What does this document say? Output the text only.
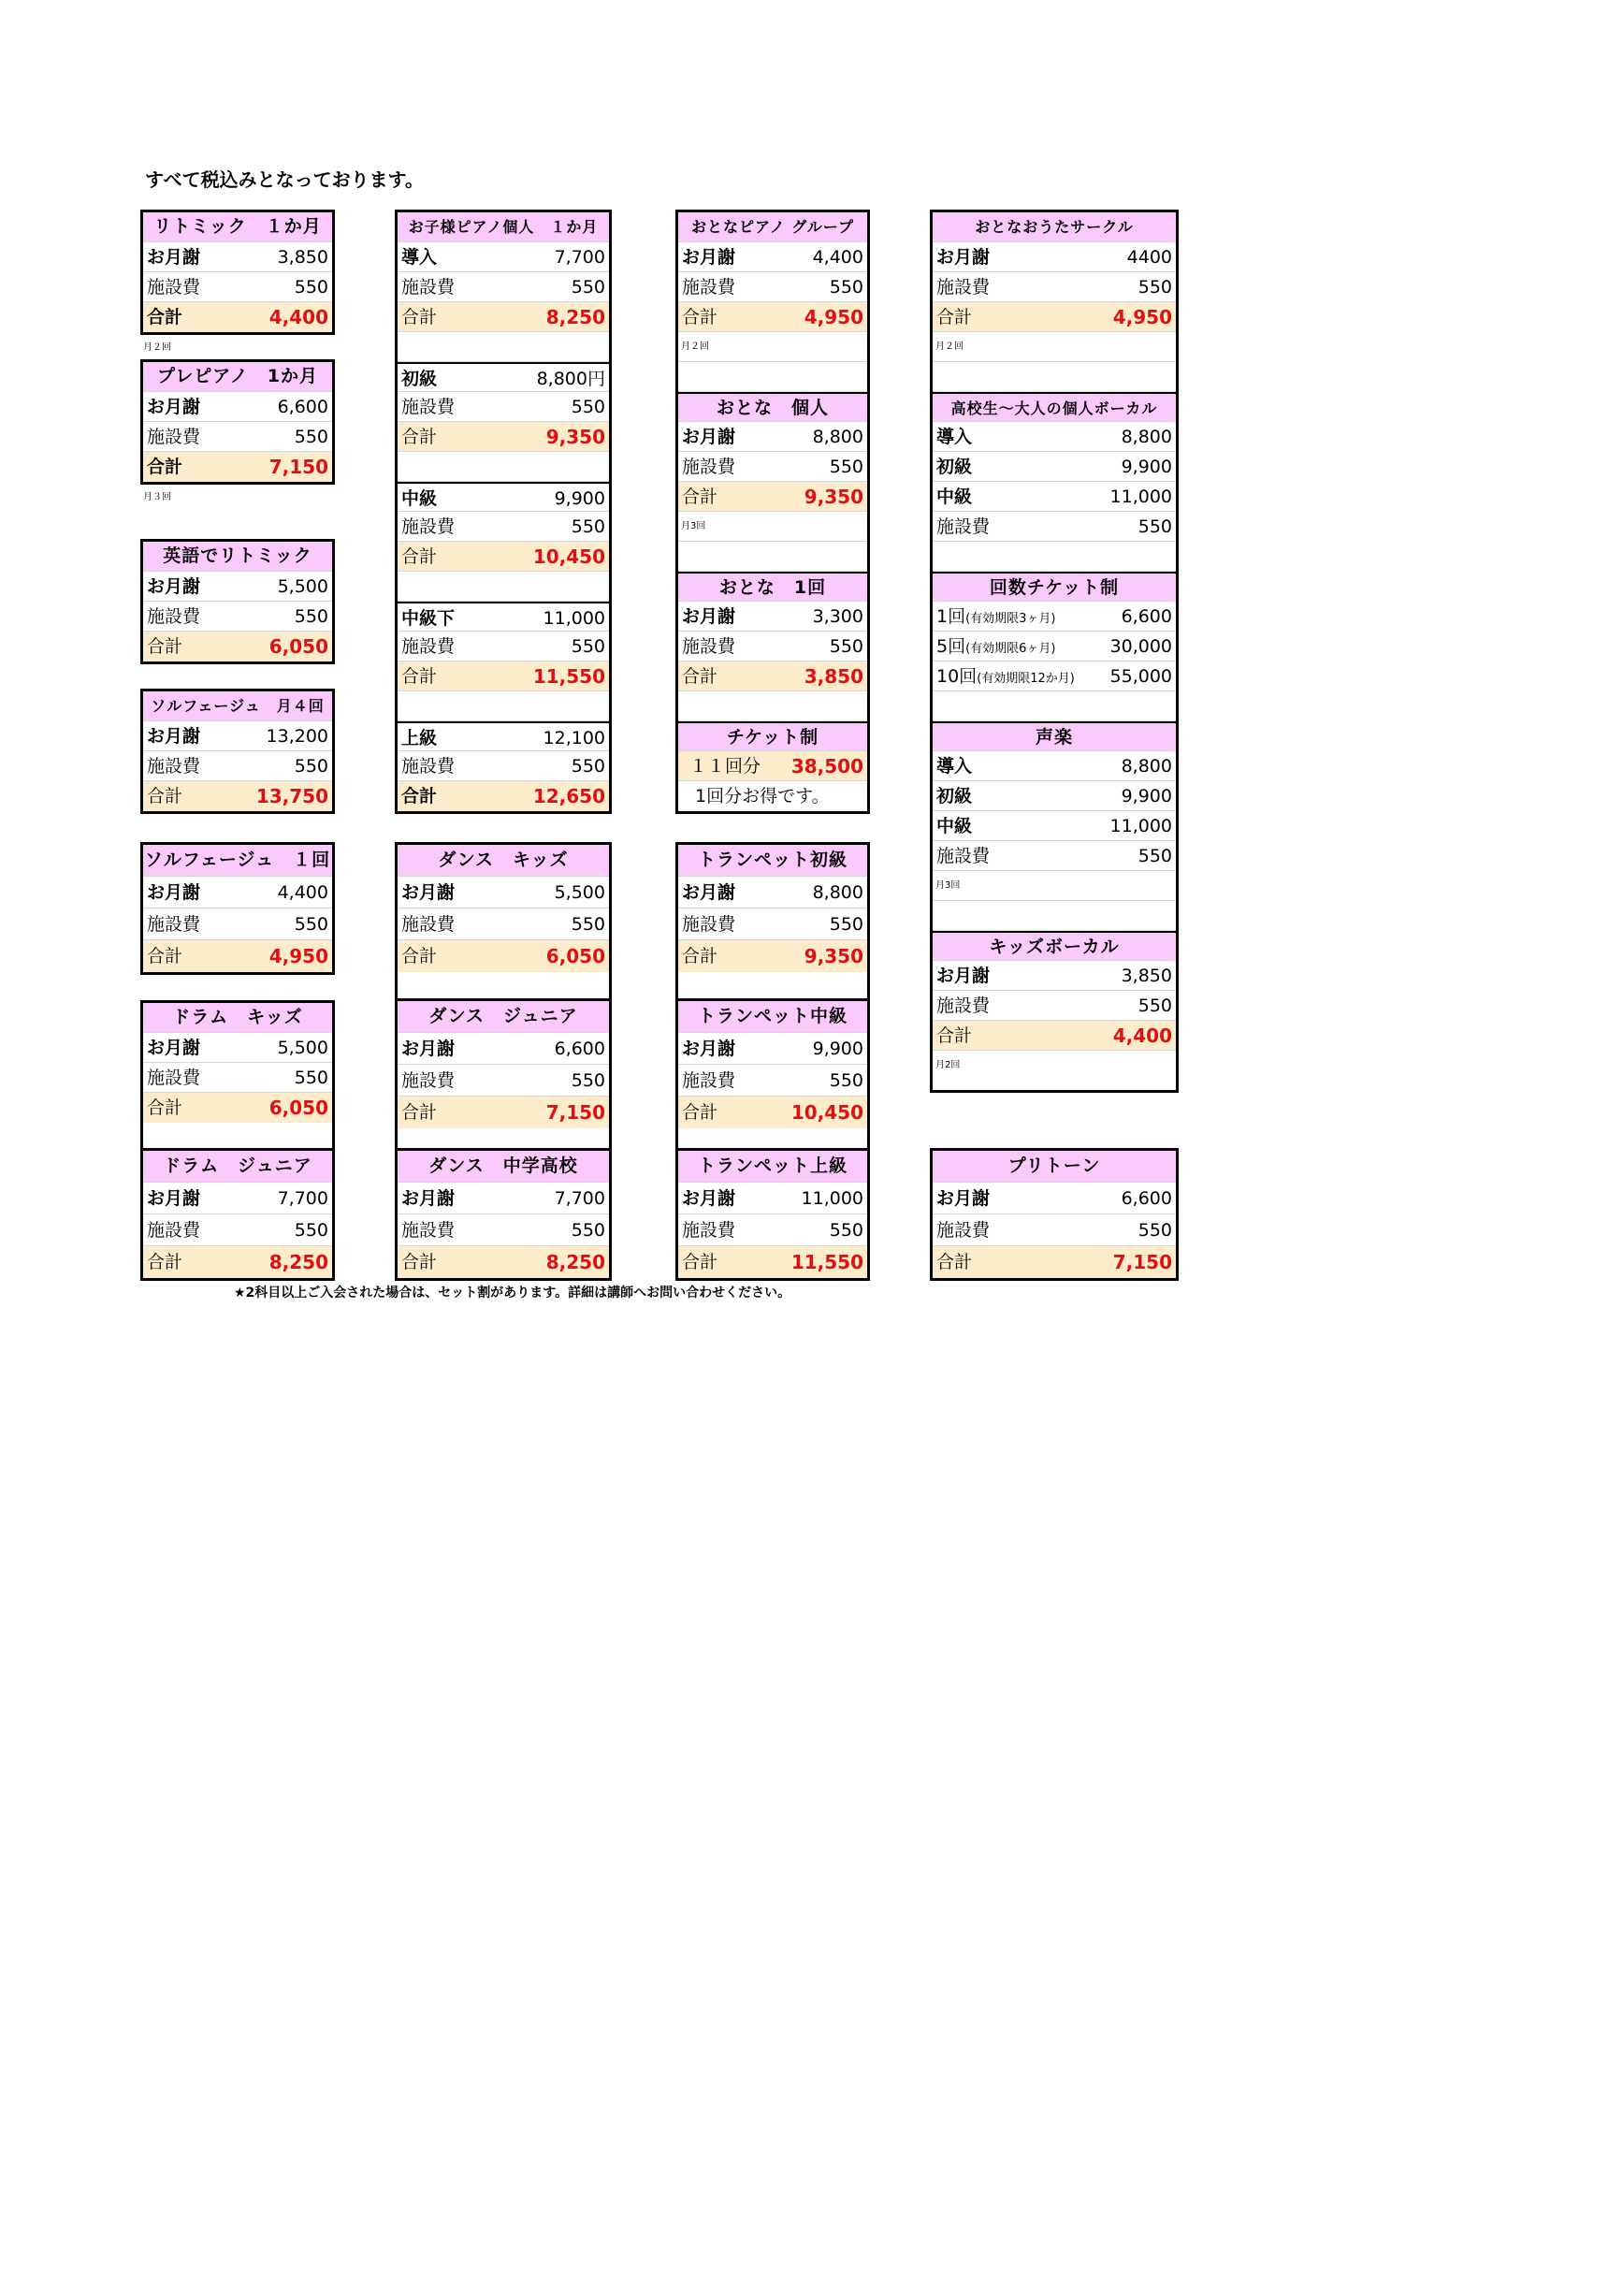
すべて税込みとなっております。
リトミック　１か月
お月謝	3,850
施設費	550
合計	4,400
月２回
プレピアノ　1か月
お月謝	6,600
施設費	550
合計	7,150
月３回
英語でリトミック
お月謝	5,500
施設費	550
合計	6,050
ソルフェージュ　月４回
お月謝	13,200
施設費	550
合計	13,750
ソルフェージュ　１回
お月謝	4,400
施設費	550
合計	4,950
ドラム　キッズ
お月謝	5,500
施設費	550
合計	6,050
ドラム　ジュニア
お月謝	7,700
施設費	550
合計	8,250
お子様ピアノ個人　１か月
導入	7,700
施設費	550
合計	8,250
初級	8,800円
施設費	550
合計	9,350
中級	9,900
施設費	550
合計	10,450
中級下	11,000
施設費	550
合計	11,550
上級	12,100
施設費	550
合計	12,650
ダンス　キッズ
お月謝	5,500
施設費	550
合計	6,050
ダンス　ジュニア
お月謝	6,600
施設費	550
合計	7,150
ダンス　中学高校
お月謝	7,700
施設費	550
合計	8,250
おとなピアノ グループ
お月謝	4,400
施設費	550
合計	4,950
月２回
おとな　個人
お月謝	8,800
施設費	550
合計	9,350
月3回
おとな　1回
お月謝	3,300
施設費	550
合計	3,850
チケット制
１１回分 38,500
1回分お得です。
トランペット初級
お月謝	8,800
施設費	550
合計	9,350
トランペット中級
お月謝	9,900
施設費	550
合計	10,450
トランペット上級
お月謝	11,000
施設費	550
合計	11,550
おとなおうたサークル
お月謝	4400
施設費	550
合計	4,950
月２回
高校生～大人の個人ボーカル
導入	8,800
初級	9,900
中級	11,000
施設費	550
回数チケット制
1回(有効期限3ヶ月)	6,600
5回(有効期限6ヶ月)	30,000
10回(有効期限12か月) 55,000
声楽
導入	8,800
初級	9,900
中級	11,000
施設費	550
月3回
キッズボーカル
お月謝	3,850
施設費	550
合計	4,400
月2回
プリトーン
お月謝	6,600
施設費	550
合計	7,150
★2科目以上ご入会された場合は、セット割があります。詳細は講師へお問い合わせください。
